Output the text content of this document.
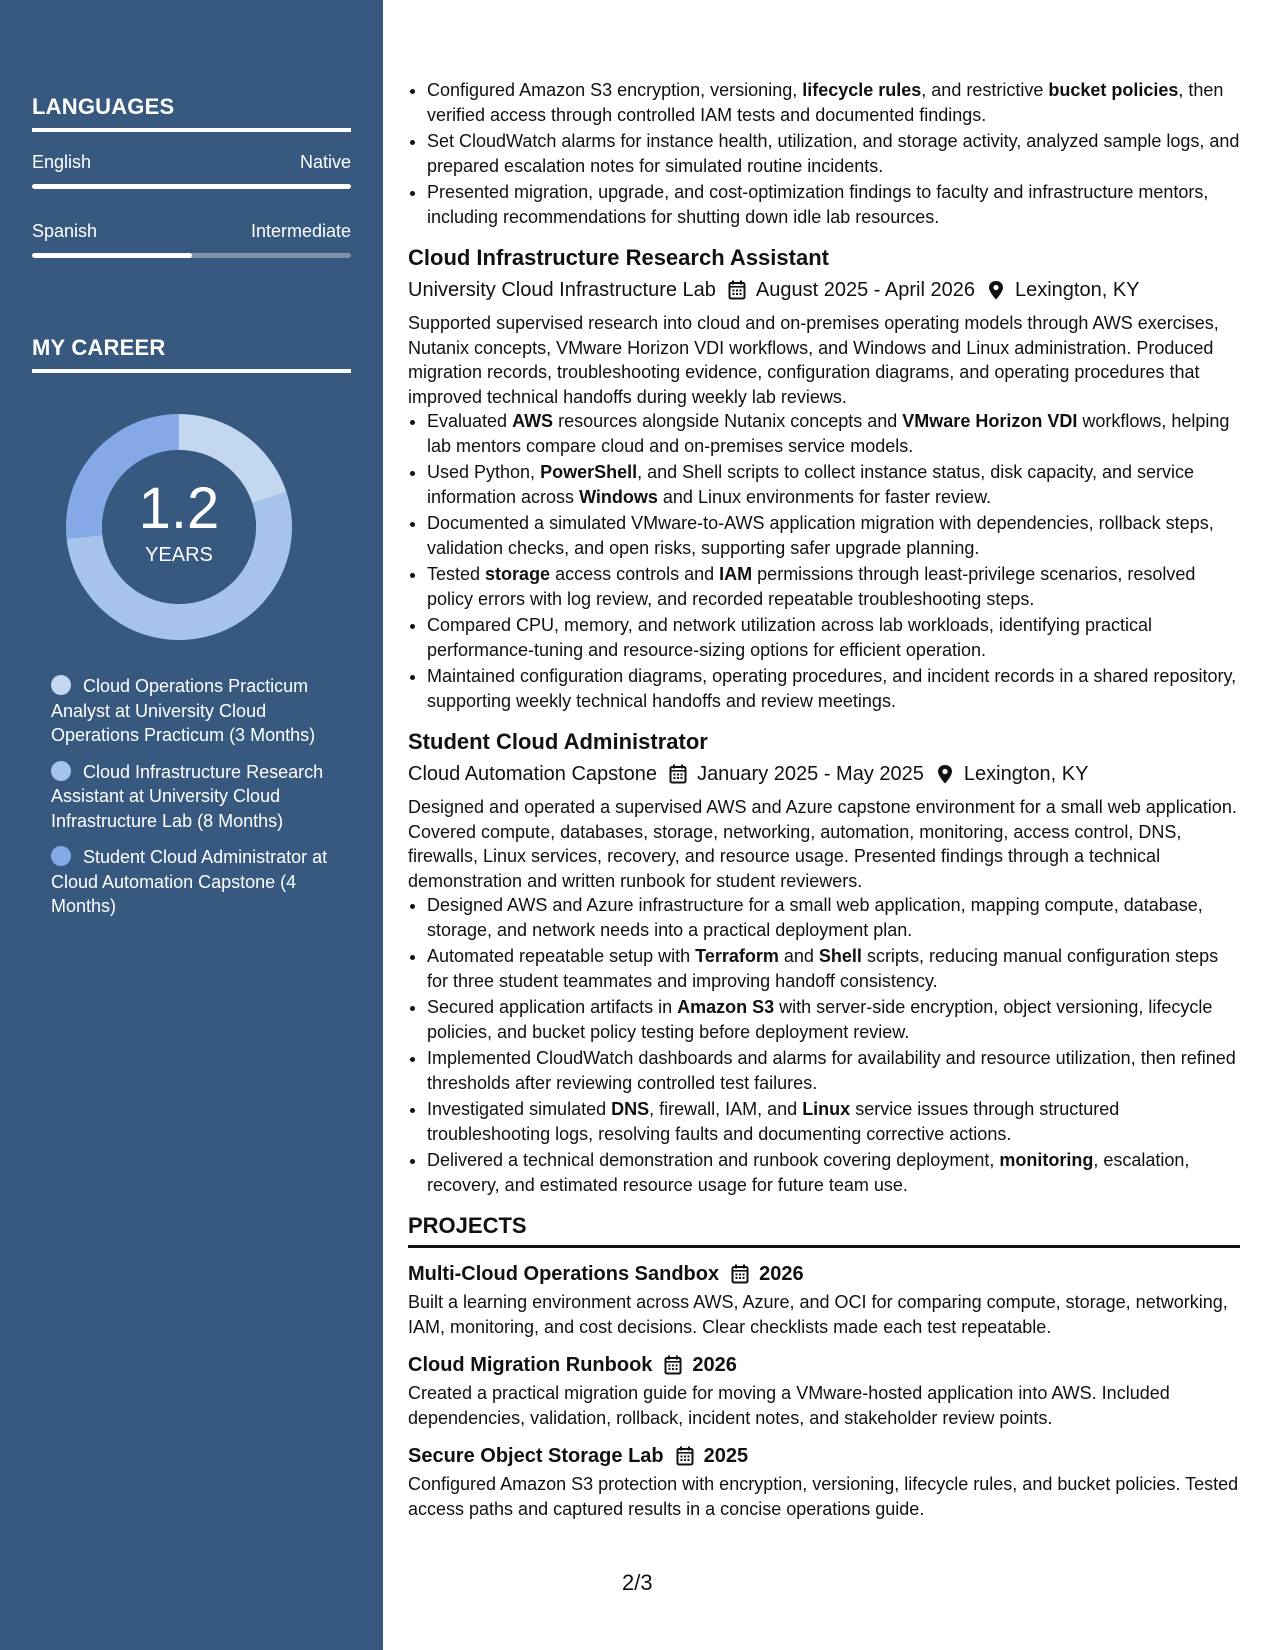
LANGUAGES
English	Native
Spanish	Intermediate
MY CAREER
1.2
YEARS
Cloud Operations Practicum Analyst at University Cloud Operations Practicum (3 Months)
Cloud Infrastructure Research Assistant at University Cloud Infrastructure Lab (8 Months)
Student Cloud Administrator at Cloud Automation Capstone (4 Months)
• Configured Amazon S3 encryption, versioning, lifecycle rules, and restrictive bucket policies, then verified access through controlled IAM tests and documented findings.
• Set CloudWatch alarms for instance health, utilization, and storage activity, analyzed sample logs, and prepared escalation notes for simulated routine incidents.
• Presented migration, upgrade, and cost-optimization findings to faculty and infrastructure mentors, including recommendations for shutting down idle lab resources.
Cloud Infrastructure Research Assistant
University Cloud Infrastructure Lab August 2025 - April 2026 Lexington, KY

Supported supervised research into cloud and on-premises operating models through AWS exercises, Nutanix concepts, VMware Horizon VDI workflows, and Windows and Linux administration. Produced migration records, troubleshooting evidence, configuration diagrams, and operating procedures that improved technical handoffs during weekly lab reviews.

• Evaluated AWS resources alongside Nutanix concepts and VMware Horizon VDI workflows, helping lab mentors compare cloud and on-premises service models.
• Used Python, PowerShell, and Shell scripts to collect instance status, disk capacity, and service information across Windows and Linux environments for faster review.
• Documented a simulated VMware-to-AWS application migration with dependencies, rollback steps, validation checks, and open risks, supporting safer upgrade planning.
• Tested storage access controls and IAM permissions through least-privilege scenarios, resolved policy errors with log review, and recorded repeatable troubleshooting steps.
• Compared CPU, memory, and network utilization across lab workloads, identifying practical performance-tuning and resource-sizing options for efficient operation.
• Maintained configuration diagrams, operating procedures, and incident records in a shared repository, supporting weekly technical handoffs and review meetings.
Student Cloud Administrator
Cloud Automation Capstone January 2025 - May 2025 Lexington, KY

Designed and operated a supervised AWS and Azure capstone environment for a small web application. Covered compute, databases, storage, networking, automation, monitoring, access control, DNS, firewalls, Linux services, recovery, and resource usage. Presented findings through a technical demonstration and written runbook for student reviewers.

• Designed AWS and Azure infrastructure for a small web application, mapping compute, database, storage, and network needs into a practical deployment plan.
• Automated repeatable setup with Terraform and Shell scripts, reducing manual configuration steps for three student teammates and improving handoff consistency.
• Secured application artifacts in Amazon S3 with server-side encryption, object versioning, lifecycle policies, and bucket policy testing before deployment review.
• Implemented CloudWatch dashboards and alarms for availability and resource utilization, then refined thresholds after reviewing controlled test failures.
• Investigated simulated DNS, firewall, IAM, and Linux service issues through structured troubleshooting logs, resolving faults and documenting corrective actions.
• Delivered a technical demonstration and runbook covering deployment, monitoring, escalation, recovery, and estimated resource usage for future team use.
PROJECTS
Multi-Cloud Operations Sandbox 2026

Built a learning environment across AWS, Azure, and OCI for comparing compute, storage, networking, IAM, monitoring, and cost decisions. Clear checklists made each test repeatable.

Cloud Migration Runbook 2026

Created a practical migration guide for moving a VMware-hosted application into AWS. Included dependencies, validation, rollback, incident notes, and stakeholder review points.

Secure Object Storage Lab 2025

Configured Amazon S3 protection with encryption, versioning, lifecycle rules, and bucket policies. Tested access paths and captured results in a concise operations guide.

2/3
